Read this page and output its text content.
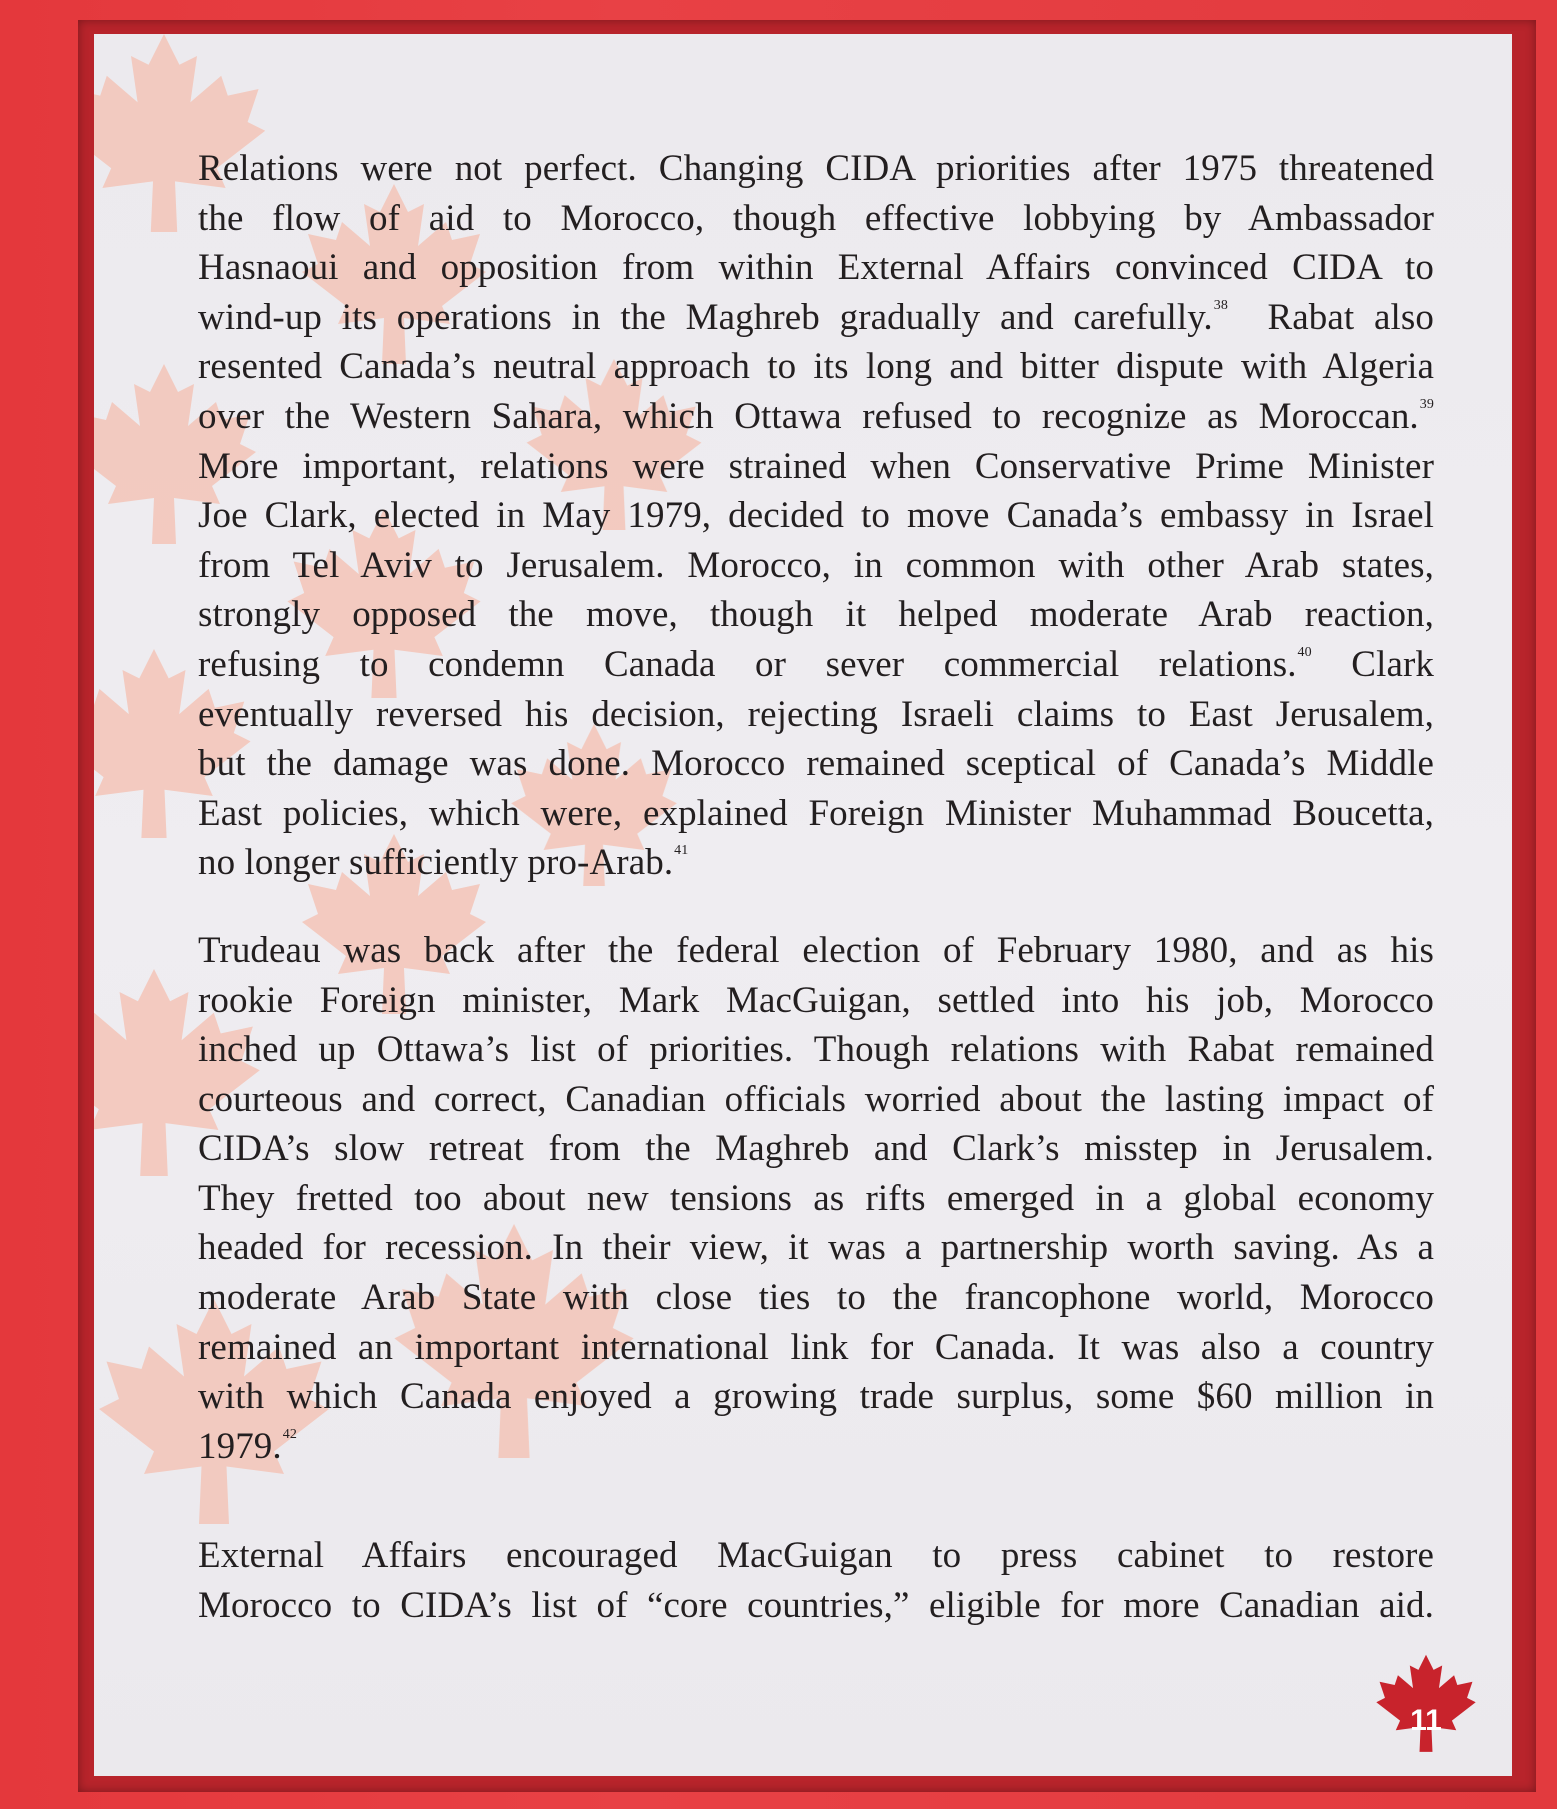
Relations were not perfect. Changing CIDA priorities after 1975 threatened
the flow of aid to Morocco, though effective lobbying by Ambassador
Hasnaoui and opposition from within External Affairs convinced CIDA to
wind-up its operations in the Maghreb gradually and carefully.$^{38}$ Rabat also
resented Canada’s neutral approach to its long and bitter dispute with Algeria
over the Western Sahara, which Ottawa refused to recognize as Moroccan.$^{39}$
More important, relations were strained when Conservative Prime Minister
Joe Clark, elected in May 1979, decided to move Canada’s embassy in Israel
from Tel Aviv to Jerusalem. Morocco, in common with other Arab states,
strongly opposed the move, though it helped moderate Arab reaction,
refusing to condemn Canada or sever commercial relations.$^{40}$ Clark
eventually reversed his decision, rejecting Israeli claims to East Jerusalem,
but the damage was done. Morocco remained sceptical of Canada’s Middle
East policies, which were, explained Foreign Minister Muhammad Boucetta,
no longer sufficiently pro-Arab.$^{41}$

Trudeau was back after the federal election of February 1980, and as his
rookie Foreign minister, Mark MacGuigan, settled into his job, Morocco
inched up Ottawa’s list of priorities. Though relations with Rabat remained
courteous and correct, Canadian officials worried about the lasting impact of
CIDA’s slow retreat from the Maghreb and Clark’s misstep in Jerusalem.
They fretted too about new tensions as rifts emerged in a global economy
headed for recession. In their view, it was a partnership worth saving. As a
moderate Arab State with close ties to the francophone world, Morocco
remained an important international link for Canada. It was also a country
with which Canada enjoyed a growing trade surplus, some $60 million in
1979.42

External Affairs encouraged MacGuigan to press cabinet to restore
Morocco to CIDA’s list of “core countries,” eligible for more Canadian aid.

11
